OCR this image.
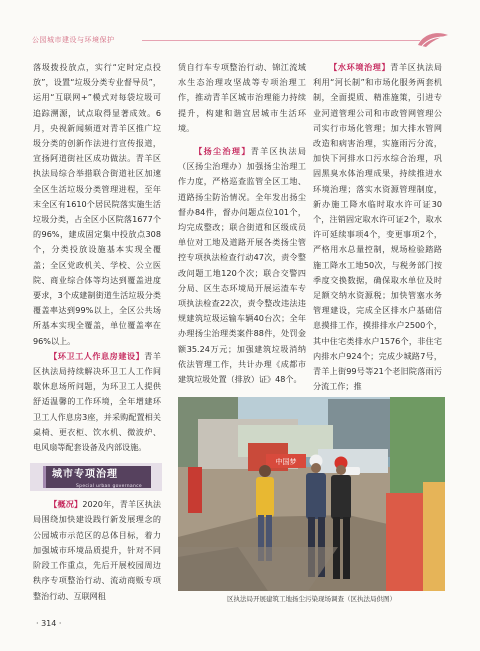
公园城市建设与环境保护

落圾拨投放点，实行“定时定点投放”，设置“垃圾分类专业督导员”，运用“互联网+”模式对每袋垃圾可追踪溯源，试点取得显著成效。6月，央视新闻频道对青羊区推广垃圾分类的创新作法进行宣传报道，宣扬阿道街社区成功做法。青羊区执法局综合举措联合街道社区加速全区生活垃圾分类管理进程，至年末全区有1610个居民院落实施生活垃圾分类，占全区小区院落1677个的96%，建成固定集中投放点308个，分类投放设施基本实现全覆盖；全区党政机关、学校、公立医院、商业综合体等均达到覆盖进度要求，3个成建制街道生活垃圾分类覆盖率达到99%以上，全区公共场所基本实现全覆盖，单位覆盖率在96%以上。

【环卫工人作息房建设】青羊区执法局持续解决环卫工人工作间歇休息场所问题，为环卫工人提供舒适温馨的工作环境，全年增建环卫工人作息房3座，并采购配置相关桌椅、更衣柜、饮水机、微波炉、电风扇等配套设备及内部设施。

城市专项治理
Special urban governance

【概况】2020年，青羊区执法局围绕加快建设践行新发展理念的公园城市示范区的总体目标，着力加强城市环境品质提升，针对不同阶段工作重点，先后开展校园周边秩序专项整治行动、流动商贩专项整治行动、互联网租

赁自行车专项整治行动、锦江流域水生态治理攻坚战等专项治理工作，推动青羊区城市治理能力持续提升，构建和谐宜居城市生活环境。

【扬尘治理】青羊区执法局（区扬尘治理办）加强扬尘治理工作力度，严格巡查监管全区工地、道路扬尘防治情况。全年发出扬尘督办84件，督办问题点位101个，均完成整改；联合街道和区级成员单位对工地及道路开展各类扬尘管控专项执法检查行动47次，责令整改问题工地120个次；联合交警四分局、区生态环境局开展运渣车专项执法检查22次，责令整改违法违规建筑垃圾运输车辆40台次；全年办理扬尘治理类案件88件，处罚金额35.24万元；加强建筑垃圾消纳依法管理工作，共计办理《成都市建筑垃圾处置（排放）证》48个。

【水环境治理】青羊区执法局利用“河长制”和市场化服务两套机制，全面提质、精准施策，引进专业河道管理公司和市政管网管理公司实行市场化管理；加大排水管网改造和病害治理，实施雨污分流，加快下河排水口污水综合治理，巩固黑臭水体治理成果，持续推进水环境治理；落实水资源管理制度，新办施工降水临时取水许可证30个，注销固定取水许可证2个，取水许可延续事项4个，变更事项2个，严格用水总量控制，规场检验踏路施工降水工地50次，与税务部门按季度交换数据，确保取水单位及时足额交纳水资源税；加快管塞水务管理建设，完成全区排水户基础信息摸排工作，摸排排水户2500个，其中住宅类排水户1576个，非住宅内排水户924个；完成少城路7号，青羊上街99号等21个老旧院落雨污分流工作；推

中国梦
区执法局开展建筑工地扬尘污染现场调查（区执法局供图）
· 314 ·
